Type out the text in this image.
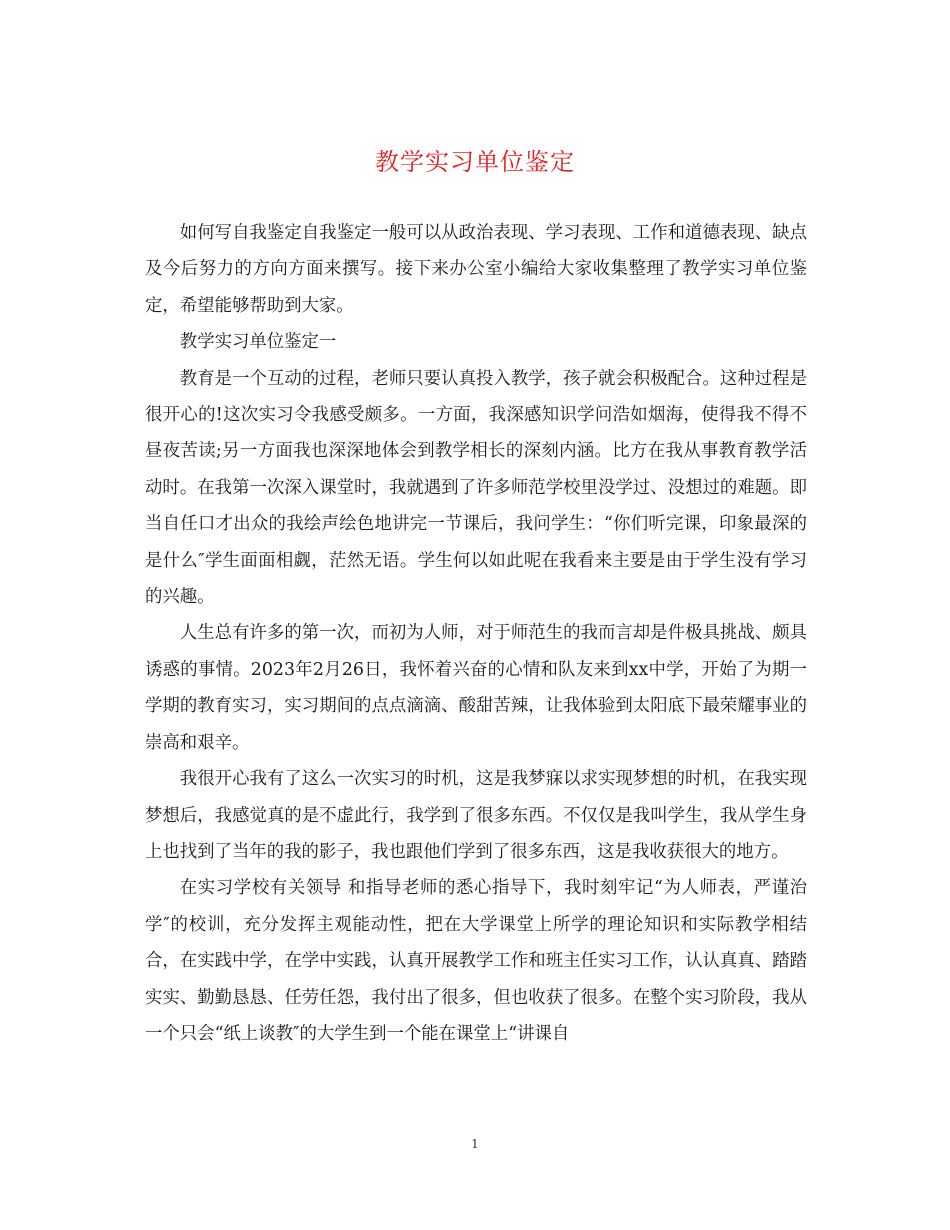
教学实习单位鉴定

如何写自我鉴定自我鉴定一般可以从政治表现、学习表现、工作和道德表现、缺点及今后努力的方向方面来撰写。接下来办公室小编给大家收集整理了教学实习单位鉴定，希望能够帮助到大家。

教学实习单位鉴定一

教育是一个互动的过程，老师只要认真投入教学，孩子就会积极配合。这种过程是很开心的!这次实习令我感受颇多。一方面，我深感知识学问浩如烟海，使得我不得不昼夜苦读;另一方面我也深深地体会到教学相长的深刻内涵。比方在我从事教育教学活动时。在我第一次深入课堂时，我就遇到了许多师范学校里没学过、没想过的难题。即当自任口才出众的我绘声绘色地讲完一节课后，我问学生：“你们听完课，印象最深的是什么″学生面面相觑，茫然无语。学生何以如此呢在我看来主要是由于学生没有学习的兴趣。

人生总有许多的第一次，而初为人师，对于师范生的我而言却是件极具挑战、颇具诱惑的事情。2023年2月26日，我怀着兴奋的心情和队友来到xx中学，开始了为期一学期的教育实习，实习期间的点点滴滴、酸甜苦辣，让我体验到太阳底下最荣耀事业的崇高和艰辛。

我很开心我有了这么一次实习的时机，这是我梦寐以求实现梦想的时机，在我实现梦想后，我感觉真的是不虚此行，我学到了很多东西。不仅仅是我叫学生，我从学生身上也找到了当年的我的影子，我也跟他们学到了很多东西，这是我收获很大的地方。

在实习学校有关领导 和指导老师的悉心指导下，我时刻牢记“为人师表，严谨治学″的校训，充分发挥主观能动性，把在大学课堂上所学的理论知识和实际教学相结合，在实践中学，在学中实践，认真开展教学工作和班主任实习工作，认认真真、踏踏实实、勤勤恳恳、任劳任怨，我付出了很多，但也收获了很多。在整个实习阶段，我从一个只会“纸上谈教″的大学生到一个能在课堂上“讲课自

1
